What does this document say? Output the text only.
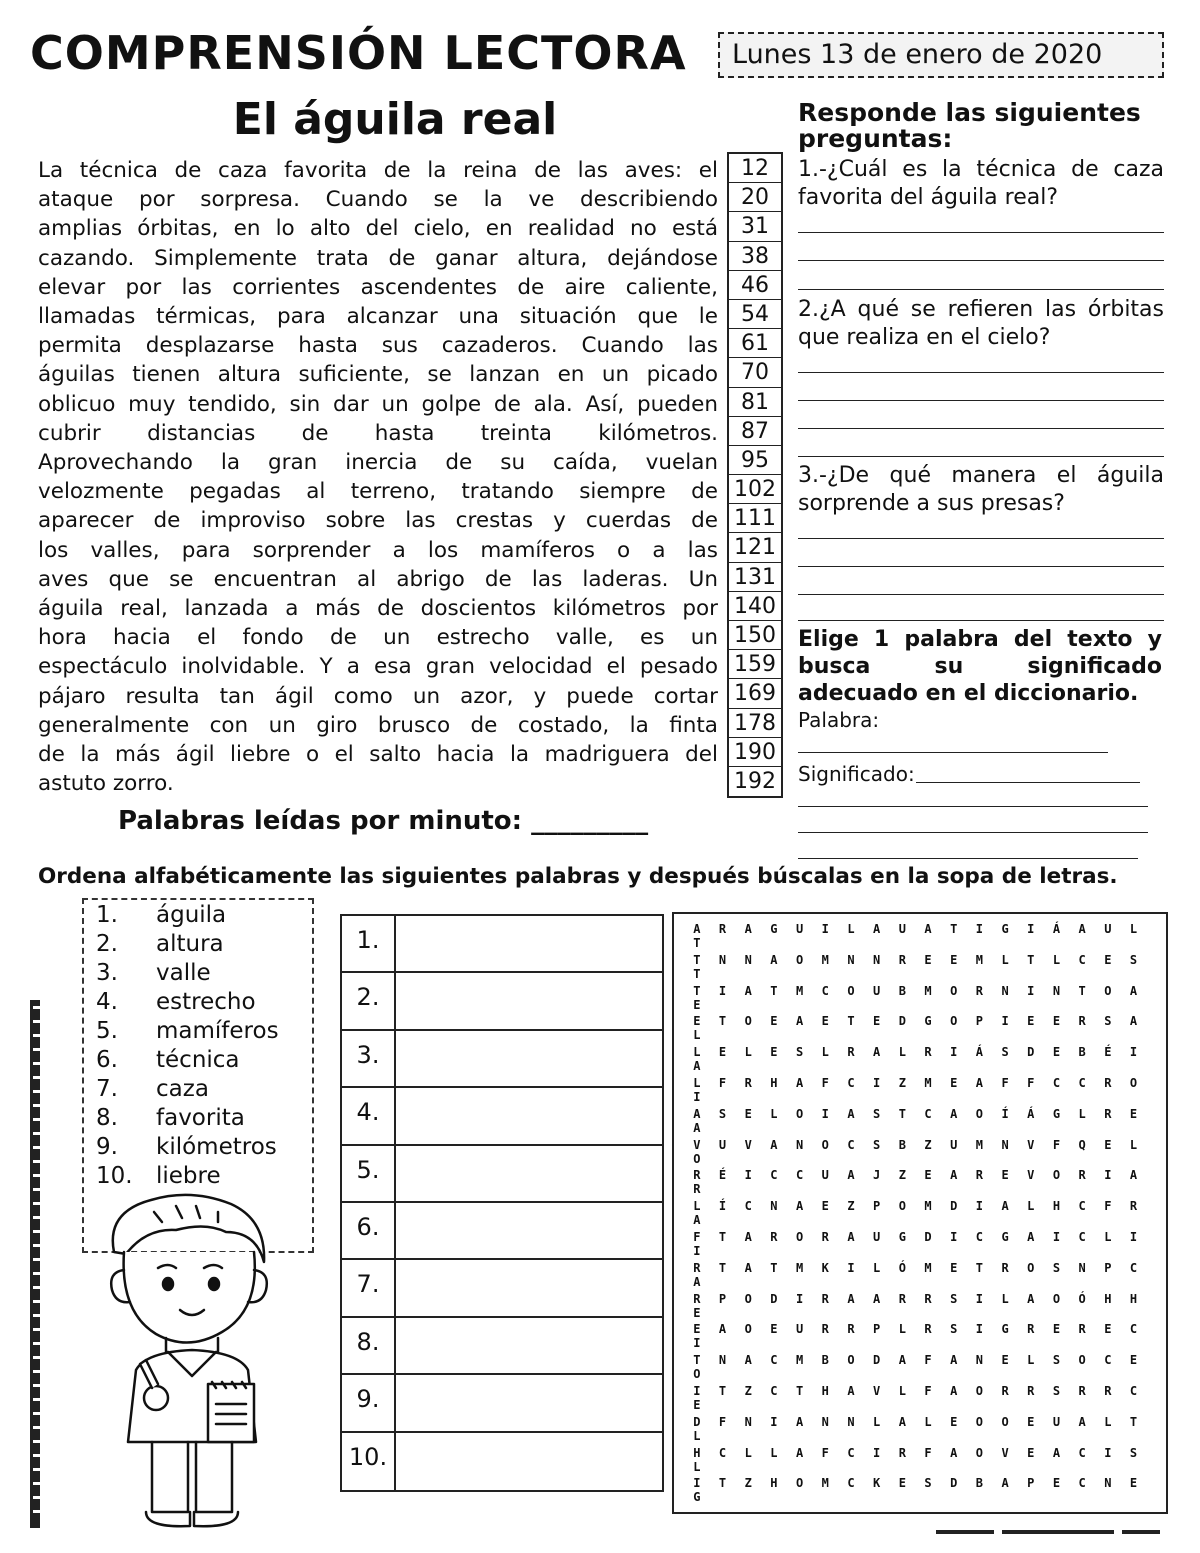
COMPRENSIÓN LECTORA	Lunes 13 de enero de 2020
El águila real

La técnica de caza favorita de la reina de las aves: el

ataque por sorpresa. Cuando se la ve describiendo

amplias órbitas, en lo alto del cielo, en realidad no está

cazando. Simplemente trata de ganar altura, dejándose

elevar por las corrientes ascendentes de aire caliente,

llamadas térmicas, para alcanzar una situación que le

permita desplazarse hasta sus cazaderos. Cuando las

águilas tienen altura suficiente, se lanzan en un picado

oblicuo muy tendido, sin dar un golpe de ala. Así, pueden

cubrir distancias de hasta treinta kilómetros.

Aprovechando la gran inercia de su caída, vuelan

velozmente pegadas al terreno, tratando siempre de

aparecer de improviso sobre las crestas y cuerdas de

los valles, para sorprender a los mamíferos o a las

aves que se encuentran al abrigo de las laderas. Un

águila real, lanzada a más de doscientos kilómetros por

hora hacia el fondo de un estrecho valle, es un

espectáculo inolvidable. Y a esa gran velocidad el pesado

pájaro resulta tan ágil como un azor, y puede cortar

generalmente con un giro brusco de costado, la finta

de la más ágil liebre o el salto hacia la madriguera del

astuto zorro.

12
20
31
38
46
54
61
70
81
87
95
102
111
121
131
140
150
159
169
178
190
192
Palabras leídas por minuto: _________
Responde las siguientes preguntas:
1.-¿Cuál es la técnica de caza favorita del águila real?
2.¿A qué se refieren las órbitas que realiza en el cielo?
3.-¿De qué manera el águila sorprende a sus presas?
Elige 1 palabra del texto y busca su significado adecuado en el diccionario.
Palabra:
Significado:
Ordena alfabéticamente las siguientes palabras y después búscalas en la sopa de letras.
1. águila
2. altura
3. valle
4. estrecho
5. mamíferos
6. técnica
7. caza
8. favorita
9. kilómetros
10. liebre
1.
2.
3.
4.
5.
6.
7.
8.
9.
10.
A R A G U I L A U A T I G I Á A U LT
T N N A O M N N R E E M L T L C E ST
T I A T M C O U B M O R N I N T O AE
E T O E A E T E D G O P I E E R S AL
L E L E S L R A L R I Á S D E B É IA
L F R H A F C I Z M E A F F C C R OI
A S E L O I A S T C A O Í Á G L R EA
V U V A N O C S B Z U M N V F Q E LO
R É I C C U A J Z E A R E V O R I AR
L Í C N A E Z P O M D I A L H C F RA
F T A R O R A U G D I C G A I C L II
R T A T M K I L Ó M E T R O S N P CA
R P O D I R A A R R S I L A O Ó H HE
E A O E U R R P L R S I G R E R E CI
T N A C M B O D A F A N E L S O C EO
I T Z C T H A V L F A O R R S R R CE
D F N I A N N L A L E O O E U A L TL
H C L L A F C I R F A O V E A C I SL
I T Z H O M C K E S D B A P E C N EG
